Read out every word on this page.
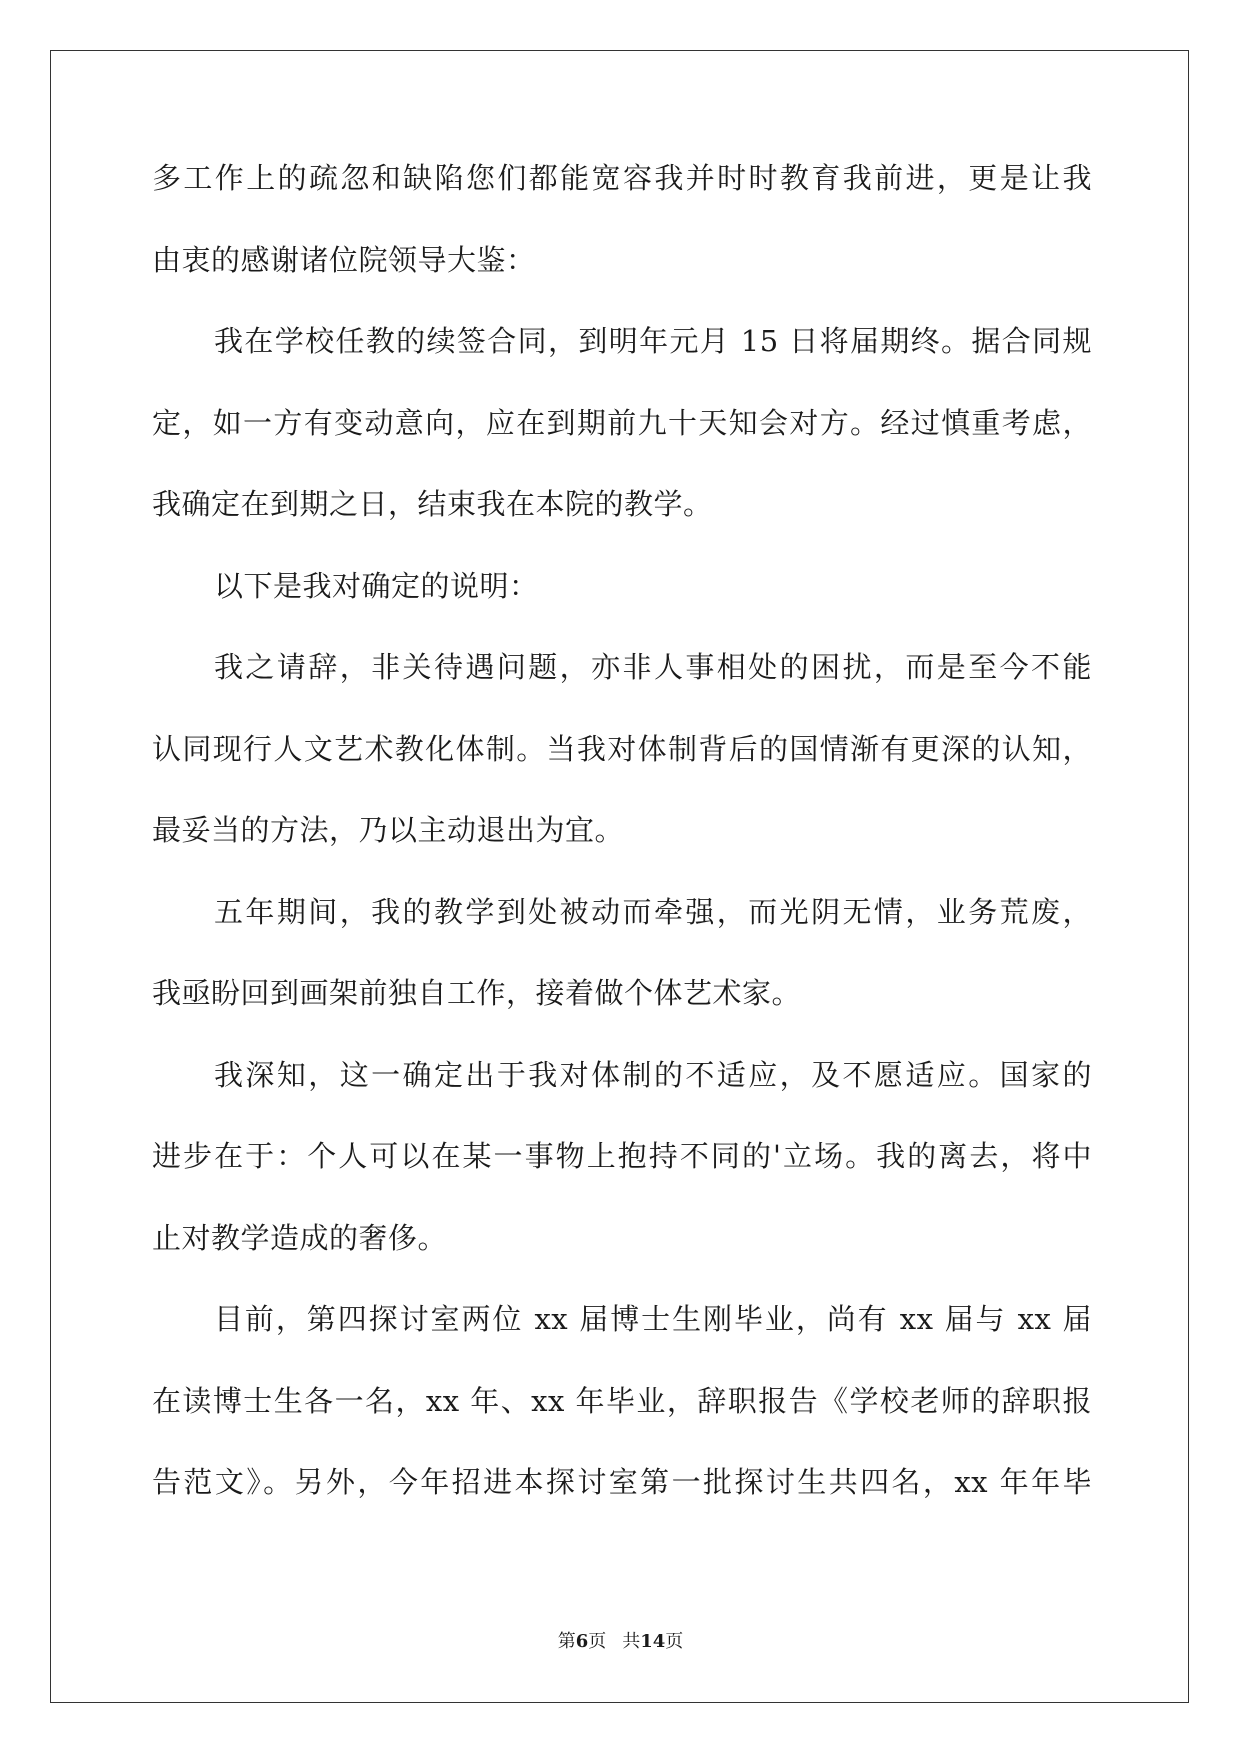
多工作上的疏忽和缺陷您们都能宽容我并时时教育我前进，更是让我
由衷的感谢诸位院领导大鉴：
我在学校任教的续签合同，到明年元月 15 日将届期终。据合同规
定，如一方有变动意向，应在到期前九十天知会对方。经过慎重考虑，
我确定在到期之日，结束我在本院的教学。
以下是我对确定的说明：
我之请辞，非关待遇问题，亦非人事相处的困扰，而是至今不能
认同现行人文艺术教化体制。当我对体制背后的国情渐有更深的认知，
最妥当的方法，乃以主动退出为宜。
五年期间，我的教学到处被动而牵强，而光阴无情，业务荒废，
我亟盼回到画架前独自工作，接着做个体艺术家。
我深知，这一确定出于我对体制的不适应，及不愿适应。国家的
进步在于：个人可以在某一事物上抱持不同的'立场。我的离去，将中
止对教学造成的奢侈。
目前，第四探讨室两位 xx 届博士生刚毕业，尚有 xx 届与 xx 届
在读博士生各一名，xx 年、xx 年毕业，辞职报告《学校老师的辞职报
告范文》。另外，今年招进本探讨室第一批探讨生共四名，xx 年年毕
第6页 共14页
